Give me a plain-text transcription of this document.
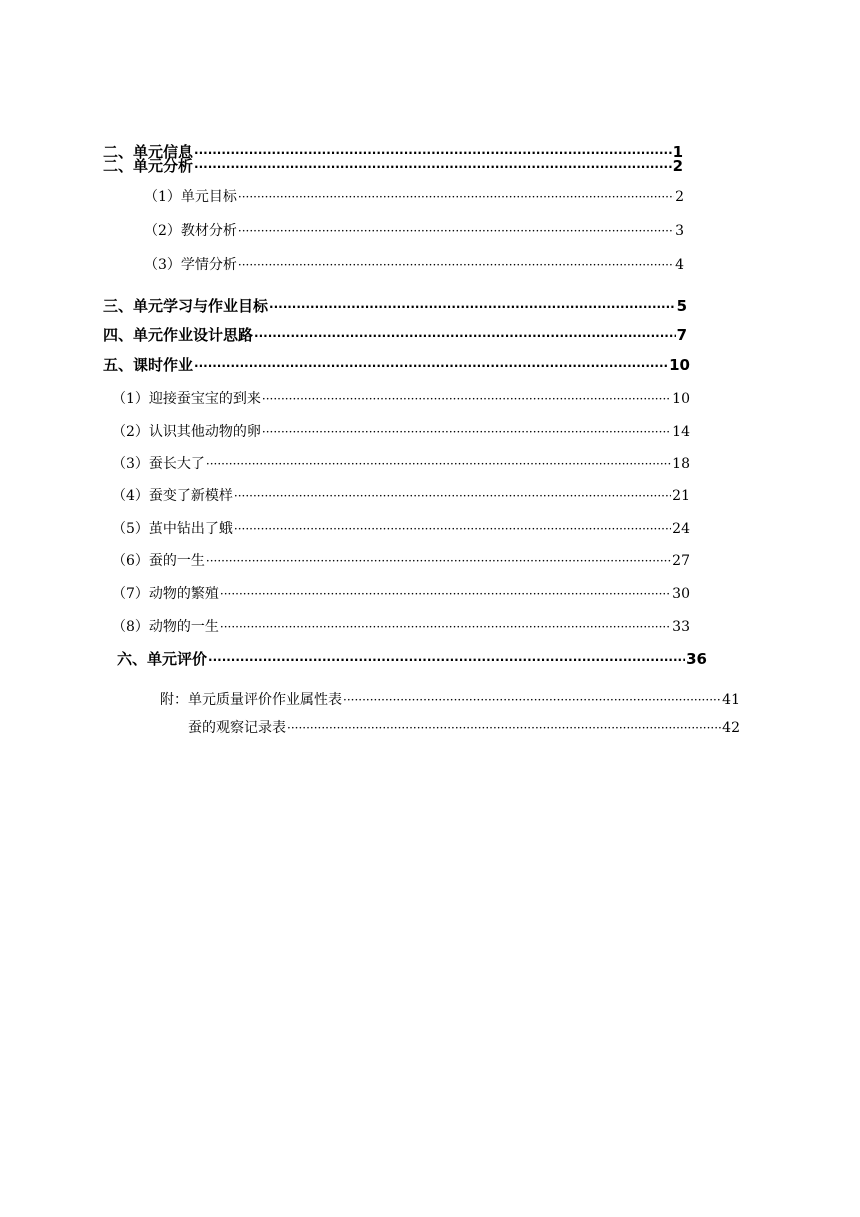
二、单元信息 ·····	1
二、单元分析 ·····	2
（1）单元目标 ·····	2
（2）教材分析 ·····	3
（3）学情分析 ·····	4
三、单元学习与作业目标 ·····	5
四、单元作业设计思路 ·····	7
五、课时作业 ·····	10
（1）迎接蚕宝宝的到来 ·····	10
（2）认识其他动物的卵 ·····	14
（3）蚕长大了 ·····	18
（4）蚕变了新模样 ·····	21
（5）茧中钻出了蛾 ·····	24
（6）蚕的一生 ·····	27
（7）动物的繁殖 ·····	30
（8）动物的一生 ·····	33
六、单元评价 ·····	36
附：单元质量评价作业属性表 ·····	41
蚕的观察记录表 ·····	42
